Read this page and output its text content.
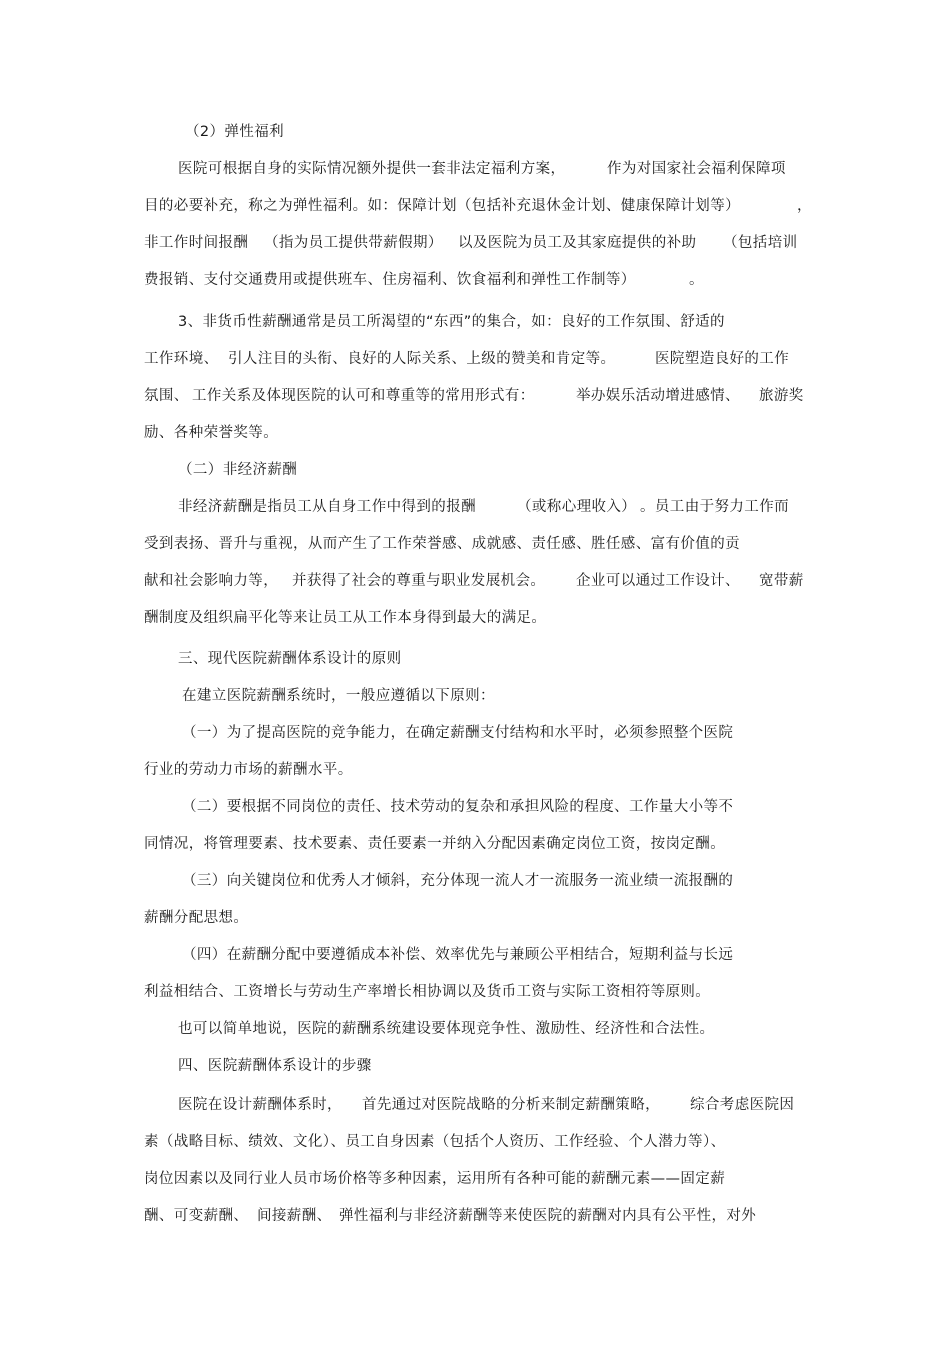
（2）弹性福利
医院可根据自身的实际情况额外提供一套非法定福利方案，	作为对国家社会福利保障项
目的必要补充，称之为弹性福利。如：保障计划（包括补充退休金计划、健康保障计划等）	，
非工作时间报酬 （指为员工提供带薪假期） 以及医院为员工及其家庭提供的补助 （包括培训
费报销、支付交通费用或提供班车、住房福利、饮食福利和弹性工作制等）	。
3、非货币性薪酬通常是员工所渴望的“东西”的集合，如：良好的工作氛围、舒适的
工作环境、 引人注目的头衔、良好的人际关系、上级的赞美和肯定等。	医院塑造良好的工作
氛围、 工作关系及体现医院的认可和尊重等的常用形式有：	举办娱乐活动增进感情、 旅游奖
励、各种荣誉奖等。
（二）非经济薪酬
非经济薪酬是指员工从自身工作中得到的报酬	（或称心理收入） 。员工由于努力工作而
受到表扬、晋升与重视，从而产生了工作荣誉感、成就感、责任感、胜任感、富有价值的贡
献和社会影响力等， 并获得了社会的尊重与职业发展机会。 企业可以通过工作设计、 宽带薪
酬制度及组织扁平化等来让员工从工作本身得到最大的满足。
三、现代医院薪酬体系设计的原则
在建立医院薪酬系统时，一般应遵循以下原则：
（一）为了提高医院的竞争能力，在确定薪酬支付结构和水平时，必须参照整个医院
行业的劳动力市场的薪酬水平。
（二）要根据不同岗位的责任、技术劳动的复杂和承担风险的程度、工作量大小等不
同情况，将管理要素、技术要素、责任要素一并纳入分配因素确定岗位工资，按岗定酬。
（三）向关键岗位和优秀人才倾斜，充分体现一流人才一流服务一流业绩一流报酬的
薪酬分配思想。
（四）在薪酬分配中要遵循成本补偿、效率优先与兼顾公平相结合，短期利益与长远
利益相结合、工资增长与劳动生产率增长相协调以及货币工资与实际工资相符等原则。
也可以简单地说，医院的薪酬系统建设要体现竞争性、激励性、经济性和合法性。
四、医院薪酬体系设计的步骤
医院在设计薪酬体系时， 首先通过对医院战略的分析来制定薪酬策略， 综合考虑医院因
素（战略目标、绩效、文化）、员工自身因素（包括个人资历、工作经验、个人潜力等）、
岗位因素以及同行业人员市场价格等多种因素，运用所有各种可能的薪酬元素——固定薪
酬、可变薪酬、 间接薪酬、 弹性福利与非经济薪酬等来使医院的薪酬对内具有公平性，对外
